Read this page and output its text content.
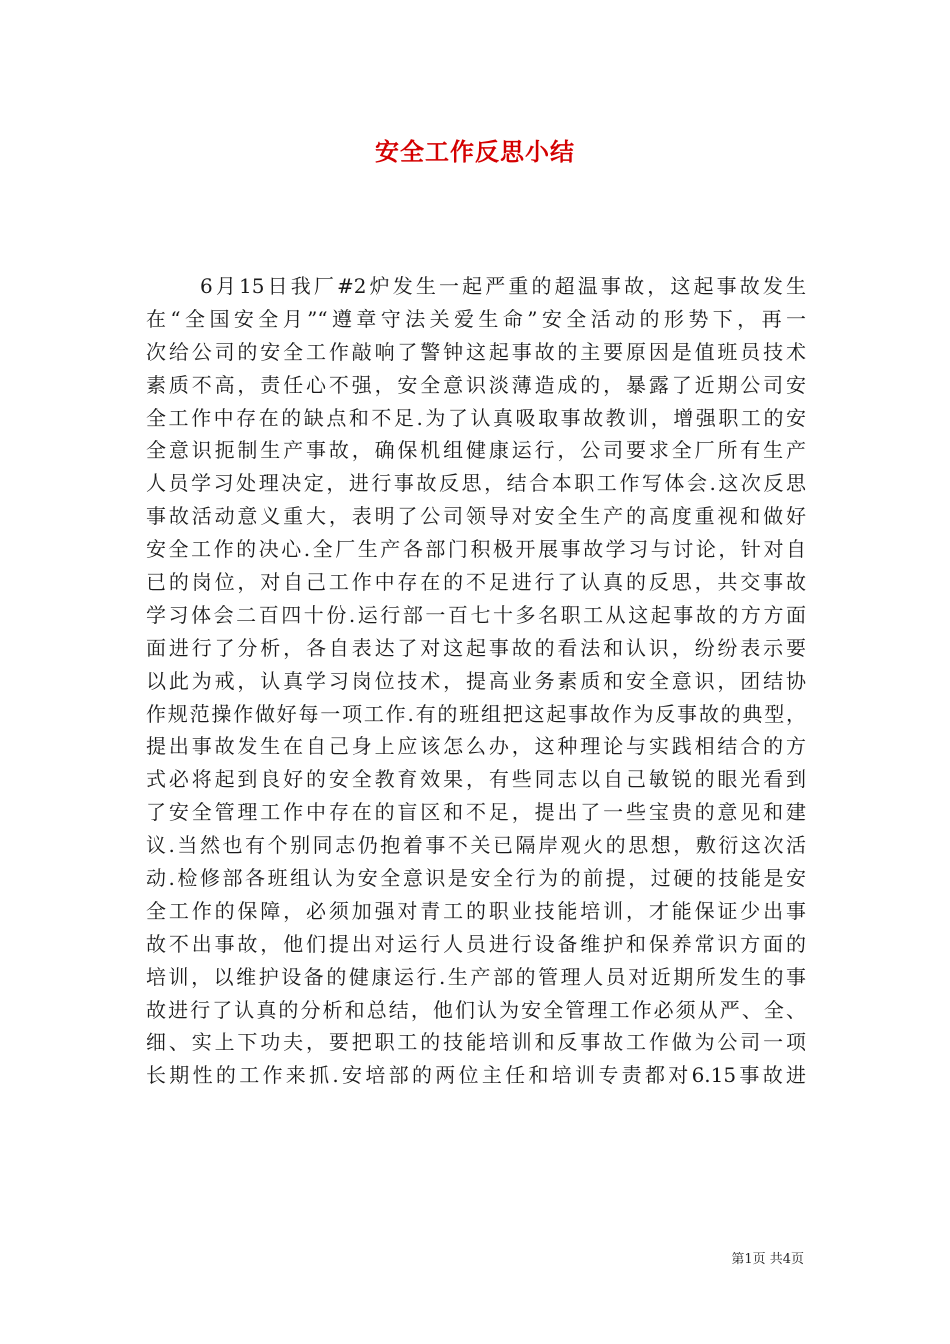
安全工作反思小结
6月15日我厂#2炉发生一起严重的超温事故，这起事故发生
在“全国安全月”“遵章守法关爱生命”安全活动的形势下，再一
次给公司的安全工作敲响了警钟这起事故的主要原因是值班员技术
素质不高，责任心不强，安全意识淡薄造成的，暴露了近期公司安
全工作中存在的缺点和不足.为了认真吸取事故教训，增强职工的安
全意识扼制生产事故，确保机组健康运行，公司要求全厂所有生产
人员学习处理决定，进行事故反思，结合本职工作写体会.这次反思
事故活动意义重大，表明了公司领导对安全生产的高度重视和做好
安全工作的决心.全厂生产各部门积极开展事故学习与讨论，针对自
已的岗位，对自己工作中存在的不足进行了认真的反思，共交事故
学习体会二百四十份.运行部一百七十多名职工从这起事故的方方面
面进行了分析，各自表达了对这起事故的看法和认识，纷纷表示要
以此为戒，认真学习岗位技术，提高业务素质和安全意识，团结协
作规范操作做好每一项工作.有的班组把这起事故作为反事故的典型，
提出事故发生在自己身上应该怎么办，这种理论与实践相结合的方
式必将起到良好的安全教育效果，有些同志以自己敏锐的眼光看到
了安全管理工作中存在的盲区和不足，提出了一些宝贵的意见和建
议.当然也有个别同志仍抱着事不关已隔岸观火的思想，敷衍这次活
动.检修部各班组认为安全意识是安全行为的前提，过硬的技能是安
全工作的保障，必须加强对青工的职业技能培训，才能保证少出事
故不出事故，他们提出对运行人员进行设备维护和保养常识方面的
培训，以维护设备的健康运行.生产部的管理人员对近期所发生的事
故进行了认真的分析和总结，他们认为安全管理工作必须从严、全、
细、实上下功夫，要把职工的技能培训和反事故工作做为公司一项
长期性的工作来抓.安培部的两位主任和培训专责都对6.15事故进
第1页 共4页
